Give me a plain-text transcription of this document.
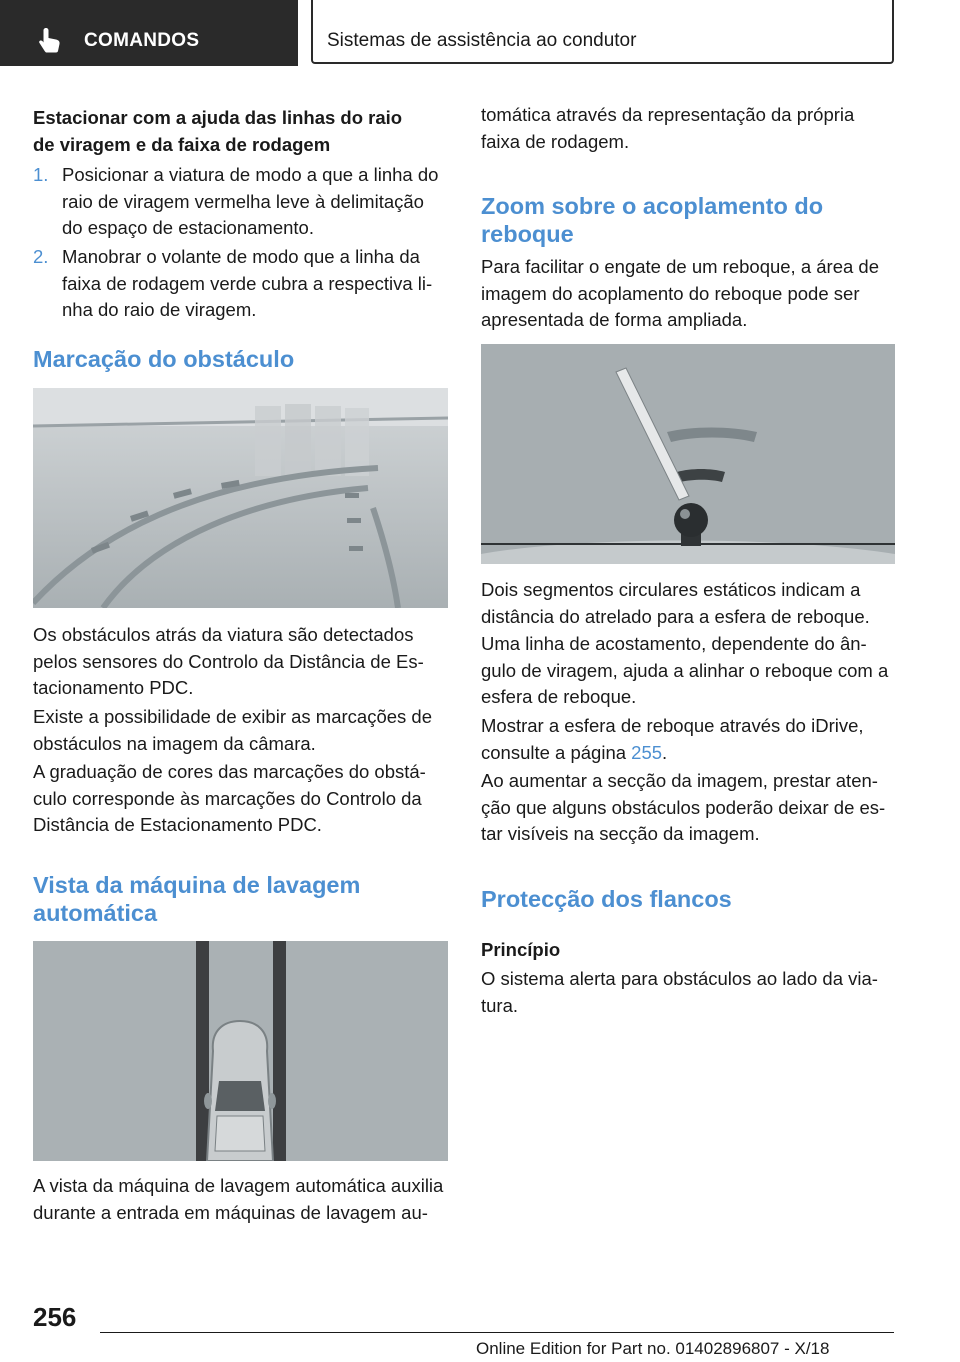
COMANDOS	Sistemas de assistência ao condutor

Estacionar com a ajuda das linhas do raio
de viragem e da faixa de rodagem

1. Posicionar a viatura de modo a que a linha do
raio de viragem vermelha leve à delimitação
do espaço de estacionamento.

2. Manobrar o volante de modo que a linha da
faixa de rodagem verde cubra a respectiva li-
nha do raio de viragem.

Marcação do obstáculo

Os obstáculos atrás da viatura são detectados
pelos sensores do Controlo da Distância de Es-
tacionamento PDC.

Existe a possibilidade de exibir as marcações de
obstáculos na imagem da câmara.

A graduação de cores das marcações do obstá-
culo corresponde às marcações do Controlo da
Distância de Estacionamento PDC.

Vista da máquina de lavagem
automática

A vista da máquina de lavagem automática auxilia
durante a entrada em máquinas de lavagem au-

tomática através da representação da própria
faixa de rodagem.

Zoom sobre o acoplamento do
reboque

Para facilitar o engate de um reboque, a área de
imagem do acoplamento do reboque pode ser
apresentada de forma ampliada.

Dois segmentos circulares estáticos indicam a
distância do atrelado para a esfera de reboque.

Uma linha de acostamento, dependente do ân-
gulo de viragem, ajuda a alinhar o reboque com a
esfera de reboque.

Mostrar a esfera de reboque através do iDrive,
consulte a página 255.

Ao aumentar a secção da imagem, prestar aten-
ção que alguns obstáculos poderão deixar de es-
tar visíveis na secção da imagem.

Protecção dos flancos

Princípio

O sistema alerta para obstáculos ao lado da via-
tura.

256
Online Edition for Part no. 01402896807 - X/18
